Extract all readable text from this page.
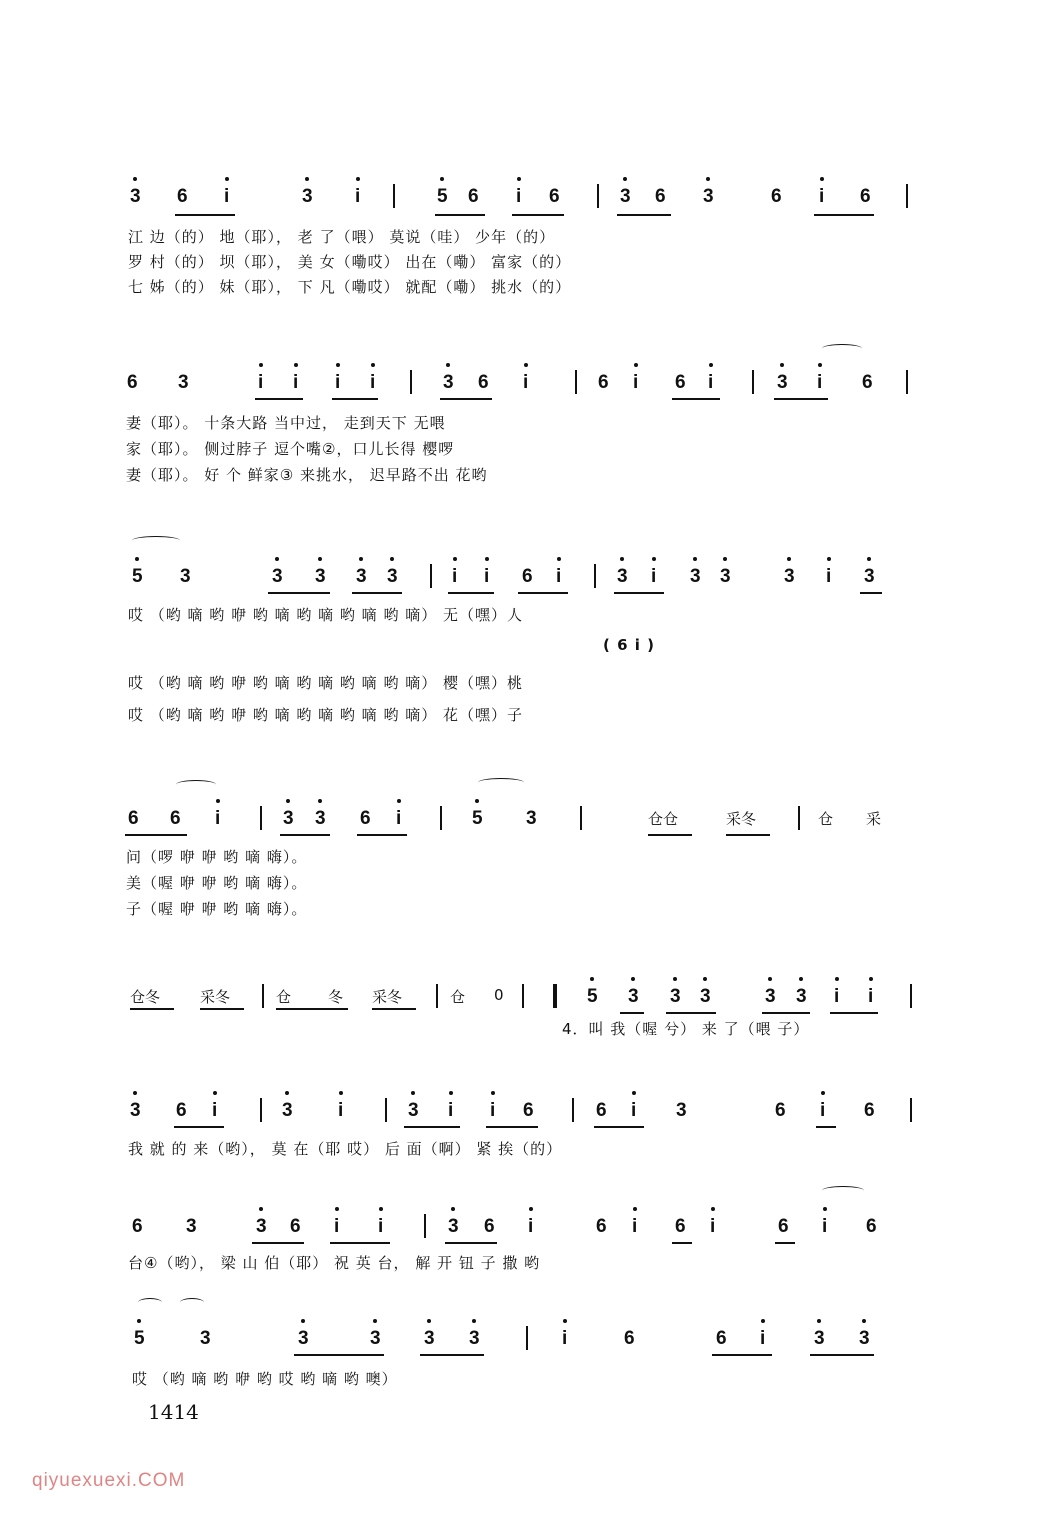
3 6 i	3 i	5 6 i 6	3 6 3	6 i 6
江 边（的） 地（耶）， 老 了（喂） 莫说（哇） 少年（的）
罗 村（的） 坝（耶）， 美 女（嘞哎） 出在（嘞） 富家（的）
七 姊（的） 妹（耶）， 下 凡（嘞哎） 就配（嘞） 挑水（的）
6 3	i i i i	3 6 i	6 i 6 i	3 i 6
妻（耶）。 十条大路 当中过， 走到天下 无喂
家（耶）。 侧过脖子 逗个嘴②，口儿长得 樱啰
妻（耶）。 好 个 鲜家③ 来挑水， 迟早路不出 花哟
5 3	3 3 3 3	i i 6 i	3 i 3 3	3 i 3
哎 （哟 嘀 哟 咿 哟 嘀 哟 嘀 哟 嘀 哟 嘀） 无（嘿）人
( 6 i )
哎 （哟 嘀 哟 咿 哟 嘀 哟 嘀 哟 嘀 哟 嘀） 樱（嘿）桃
哎 （哟 嘀 哟 咿 哟 嘀 哟 嘀 哟 嘀 哟 嘀） 花（嘿）子
6 6 i	3 3 6 i	5 3	仓仓	采冬	仓 采
问（啰 咿 咿 哟 嘀 嗨）。
美（喔 咿 咿 哟 嘀 嗨）。
子（喔 咿 咿 哟 嘀 嗨）。
仓冬	采冬	仓 冬 采冬	仓 0	5 3 3 3	3 3 i i
4．叫 我（喔 兮） 来 了（喂 子）
3 6 i	3 i	3 i i 6	6 i 3	6 i 6
我 就 的 来（哟）， 莫 在（耶 哎） 后 面（啊） 紧 挨（的）
6 3	3 6 i i	3 6 i	6 i 6 i	6 i 6
台④（哟）， 梁 山 伯（耶） 祝 英 台， 解 开 钮 子 撒 哟
5	3	3	3 3 3	i	6	6 i	3 3
哎 （哟 嘀 哟 咿 哟 哎 哟 嘀 哟 噢）
1414
qiyuexuexi.COM
